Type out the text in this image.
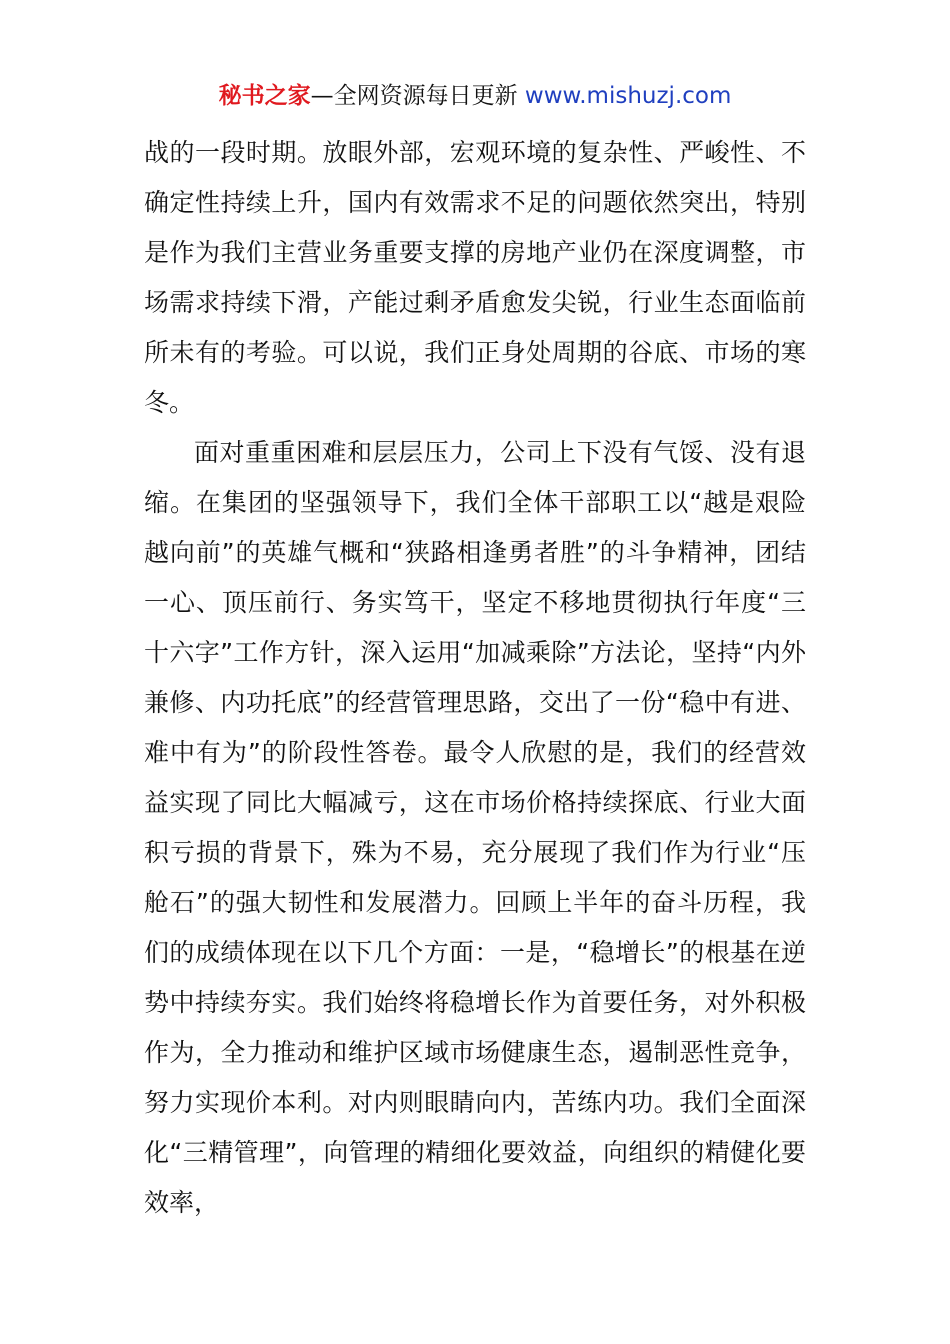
秘书之家—全网资源每日更新 www.mishuzj.com

战的一段时期。放眼外部，宏观环境的复杂性、严峻性、不确定性持续上升，国内有效需求不足的问题依然突出，特别是作为我们主营业务重要支撑的房地产业仍在深度调整，市场需求持续下滑，产能过剩矛盾愈发尖锐，行业生态面临前所未有的考验。可以说，我们正身处周期的谷底、市场的寒冬。

面对重重困难和层层压力，公司上下没有气馁、没有退缩。在集团的坚强领导下，我们全体干部职工以“越是艰险越向前”的英雄气概和“狭路相逢勇者胜”的斗争精神，团结一心、顶压前行、务实笃干，坚定不移地贯彻执行年度“三十六字”工作方针，深入运用“加减乘除”方法论，坚持“内外兼修、内功托底”的经营管理思路，交出了一份“稳中有进、难中有为”的阶段性答卷。最令人欣慰的是，我们的经营效益实现了同比大幅减亏，这在市场价格持续探底、行业大面积亏损的背景下，殊为不易，充分展现了我们作为行业“压舱石”的强大韧性和发展潜力。回顾上半年的奋斗历程，我们的成绩体现在以下几个方面：一是，“稳增长”的根基在逆势中持续夯实。我们始终将稳增长作为首要任务，对外积极作为，全力推动和维护区域市场健康生态，遏制恶性竞争，努力实现价本利。对内则眼睛向内，苦练内功。我们全面深化“三精管理”，向管理的精细化要效益，向组织的精健化要效率，
